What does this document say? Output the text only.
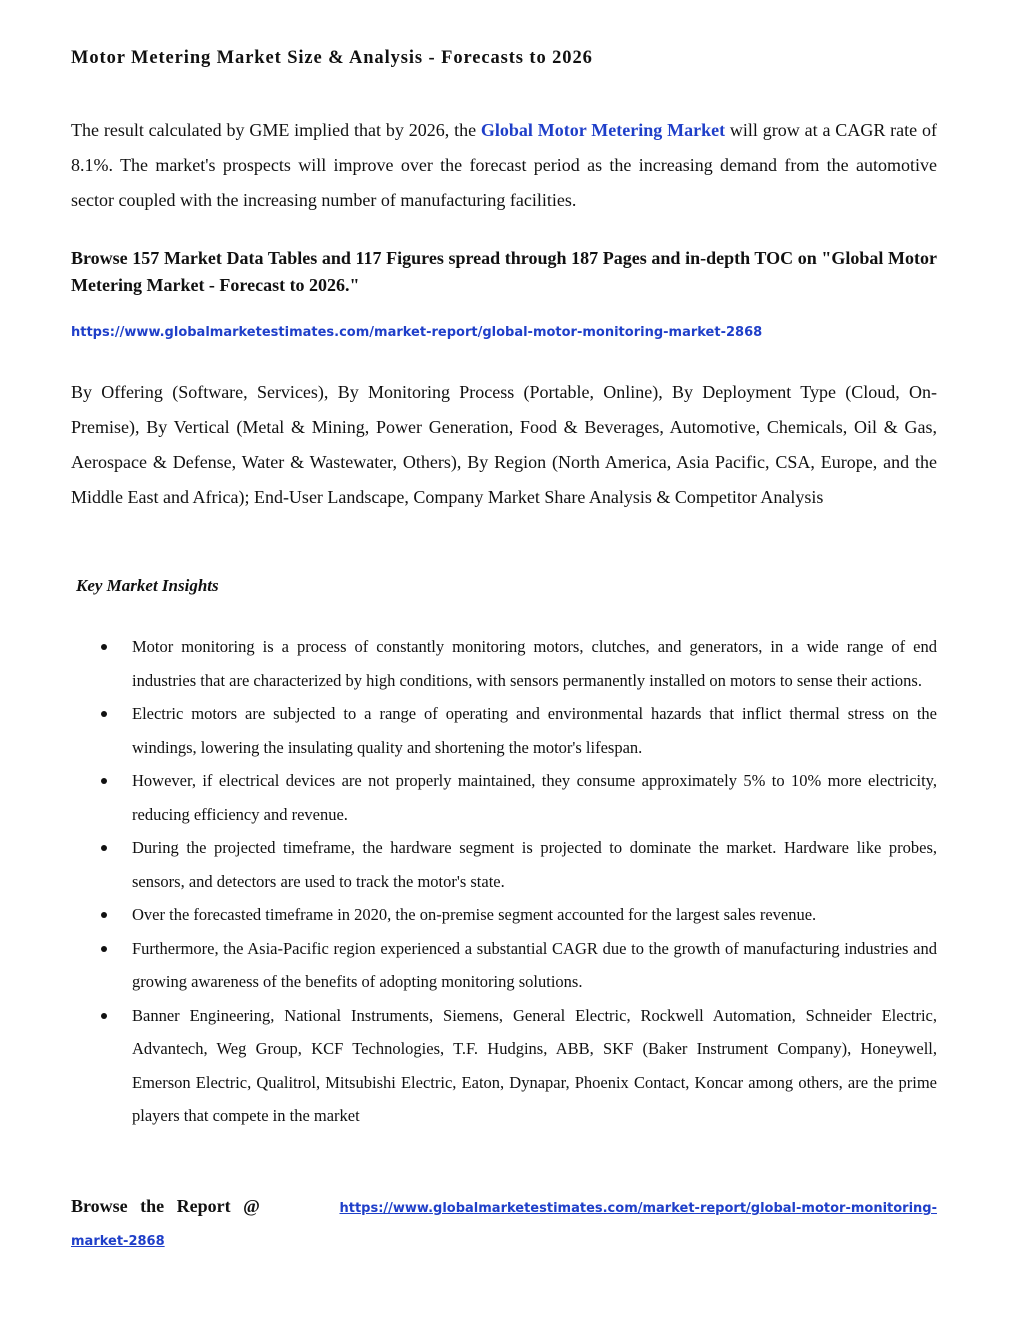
Motor Metering Market Size & Analysis - Forecasts to 2026

The result calculated by GME implied that by 2026, the Global Motor Metering Market will grow at a CAGR rate of 8.1%. The market's prospects will improve over the forecast period as the increasing demand from the automotive sector coupled with the increasing number of manufacturing facilities.

Browse 157 Market Data Tables and 117 Figures spread through 187 Pages and in-depth TOC on "Global Motor Metering Market - Forecast to 2026."

https://www.globalmarketestimates.com/market-report/global-motor-monitoring-market-2868

By Offering (Software, Services), By Monitoring Process (Portable, Online), By Deployment Type (Cloud, On-Premise), By Vertical (Metal & Mining, Power Generation, Food & Beverages, Automotive, Chemicals, Oil & Gas, Aerospace & Defense, Water & Wastewater, Others), By Region (North America, Asia Pacific, CSA, Europe, and the Middle East and Africa); End-User Landscape, Company Market Share Analysis & Competitor Analysis

Key Market Insights
Motor monitoring is a process of constantly monitoring motors, clutches, and generators, in a wide range of end industries that are characterized by high conditions, with sensors permanently installed on motors to sense their actions.
Electric motors are subjected to a range of operating and environmental hazards that inflict thermal stress on the windings, lowering the insulating quality and shortening the motor's lifespan.
However, if electrical devices are not properly maintained, they consume approximately 5% to 10% more electricity, reducing efficiency and revenue.
During the projected timeframe, the hardware segment is projected to dominate the market. Hardware like probes, sensors, and detectors are used to track the motor's state.
Over the forecasted timeframe in 2020, the on-premise segment accounted for the largest sales revenue.
Furthermore, the Asia-Pacific region experienced a substantial CAGR due to the growth of manufacturing industries and growing awareness of the benefits of adopting monitoring solutions.
Banner Engineering, National Instruments, Siemens, General Electric, Rockwell Automation, Schneider Electric, Advantech, Weg Group, KCF Technologies, T.F. Hudgins, ABB, SKF (Baker Instrument Company), Honeywell, Emerson Electric, Qualitrol, Mitsubishi Electric, Eaton, Dynapar, Phoenix Contact, Koncar among others, are the prime players that compete in the market
Browse the Report @	https://www.globalmarketestimates.com/market-report/global-motor-monitoring-
market-2868
